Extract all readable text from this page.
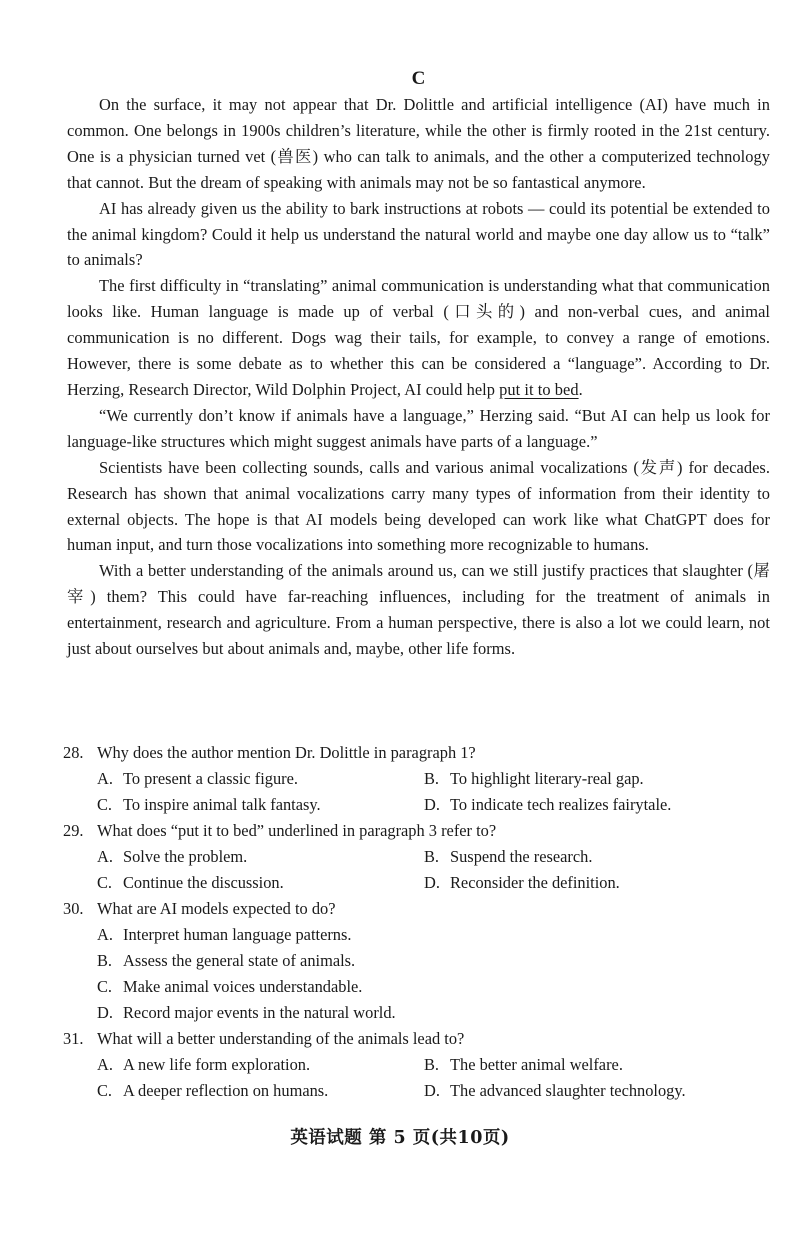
C

On the surface, it may not appear that Dr. Dolittle and artificial intelligence (AI) have much in common. One belongs in 1900s children’s literature, while the other is firmly rooted in the 21st century. One is a physician turned vet (兽医) who can talk to animals, and the other a computerized technology that cannot. But the dream of speaking with animals may not be so fantastical anymore.

AI has already given us the ability to bark instructions at robots — could its potential be extended to the animal kingdom? Could it help us understand the natural world and maybe one day allow us to “talk” to animals?

The first difficulty in “translating” animal communication is understanding what that communication looks like. Human language is made up of verbal (口头的) and non-verbal cues, and animal communication is no different. Dogs wag their tails, for example, to convey a range of emotions. However, there is some debate as to whether this can be considered a “language”. According to Dr. Herzing, Research Director, Wild Dolphin Project, AI could help put it to bed.

“We currently don’t know if animals have a language,” Herzing said. “But AI can help us look for language-like structures which might suggest animals have parts of a language.”

Scientists have been collecting sounds, calls and various animal vocalizations (发声) for decades. Research has shown that animal vocalizations carry many types of information from their identity to external objects. The hope is that AI models being developed can work like what ChatGPT does for human input, and turn those vocalizations into something more recognizable to humans.

With a better understanding of the animals around us, can we still justify practices that slaughter (屠宰) them? This could have far-reaching influences, including for the treatment of animals in entertainment, research and agriculture. From a human perspective, there is also a lot we could learn, not just about ourselves but about animals and, maybe, other life forms.

28. Why does the author mention Dr. Dolittle in paragraph 1?
A. To present a classic figure.	B. To highlight literary-real gap.
C. To inspire animal talk fantasy.	D. To indicate tech realizes fairytale.
29. What does “put it to bed” underlined in paragraph 3 refer to?
A. Solve the problem.	B. Suspend the research.
C. Continue the discussion.	D. Reconsider the definition.
30. What are AI models expected to do?
A. Interpret human language patterns.
B. Assess the general state of animals.
C. Make animal voices understandable.
D. Record major events in the natural world.
31. What will a better understanding of the animals lead to?
A. A new life form exploration.	B. The better animal welfare.
C. A deeper reflection on humans.	D. The advanced slaughter technology.
英语试题 第 5 页(共10页)
